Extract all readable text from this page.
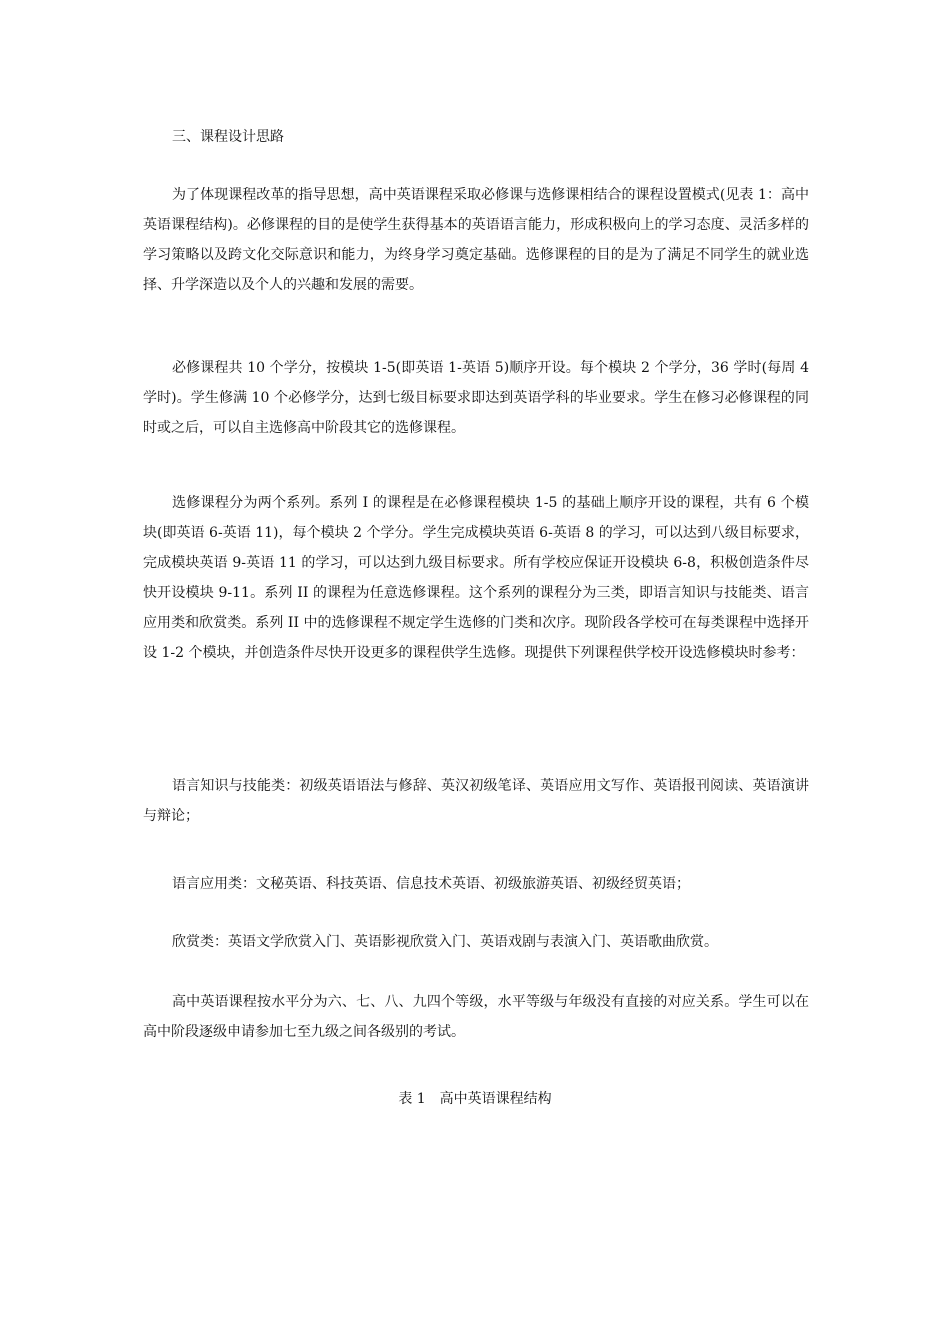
三、课程设计思路

为了体现课程改革的指导思想，高中英语课程采取必修课与选修课相结合的课程设置模式(见表 1：高中英语课程结构)。必修课程的目的是使学生获得基本的英语语言能力，形成积极向上的学习态度、灵活多样的学习策略以及跨文化交际意识和能力，为终身学习奠定基础。选修课程的目的是为了满足不同学生的就业选择、升学深造以及个人的兴趣和发展的需要。

必修课程共 10 个学分，按模块 1-5(即英语 1-英语 5)顺序开设。每个模块 2 个学分，36 学时(每周 4 学时)。学生修满 10 个必修学分，达到七级目标要求即达到英语学科的毕业要求。学生在修习必修课程的同时或之后，可以自主选修高中阶段其它的选修课程。

选修课程分为两个系列。系列 I 的课程是在必修课程模块 1-5 的基础上顺序开设的课程，共有 6 个模块(即英语 6-英语 11)，每个模块 2 个学分。学生完成模块英语 6-英语 8 的学习，可以达到八级目标要求，完成模块英语 9-英语 11 的学习，可以达到九级目标要求。所有学校应保证开设模块 6-8，积极创造条件尽快开设模块 9-11。系列 II 的课程为任意选修课程。这个系列的课程分为三类，即语言知识与技能类、语言应用类和欣赏类。系列 II 中的选修课程不规定学生选修的门类和次序。现阶段各学校可在每类课程中选择开设 1-2 个模块，并创造条件尽快开设更多的课程供学生选修。现提供下列课程供学校开设选修模块时参考：

语言知识与技能类：初级英语语法与修辞、英汉初级笔译、英语应用文写作、英语报刊阅读、英语演讲与辩论；

语言应用类：文秘英语、科技英语、信息技术英语、初级旅游英语、初级经贸英语；

欣赏类：英语文学欣赏入门、英语影视欣赏入门、英语戏剧与表演入门、英语歌曲欣赏。

高中英语课程按水平分为六、七、八、九四个等级，水平等级与年级没有直接的对应关系。学生可以在高中阶段逐级申请参加七至九级之间各级别的考试。

表 1　高中英语课程结构
